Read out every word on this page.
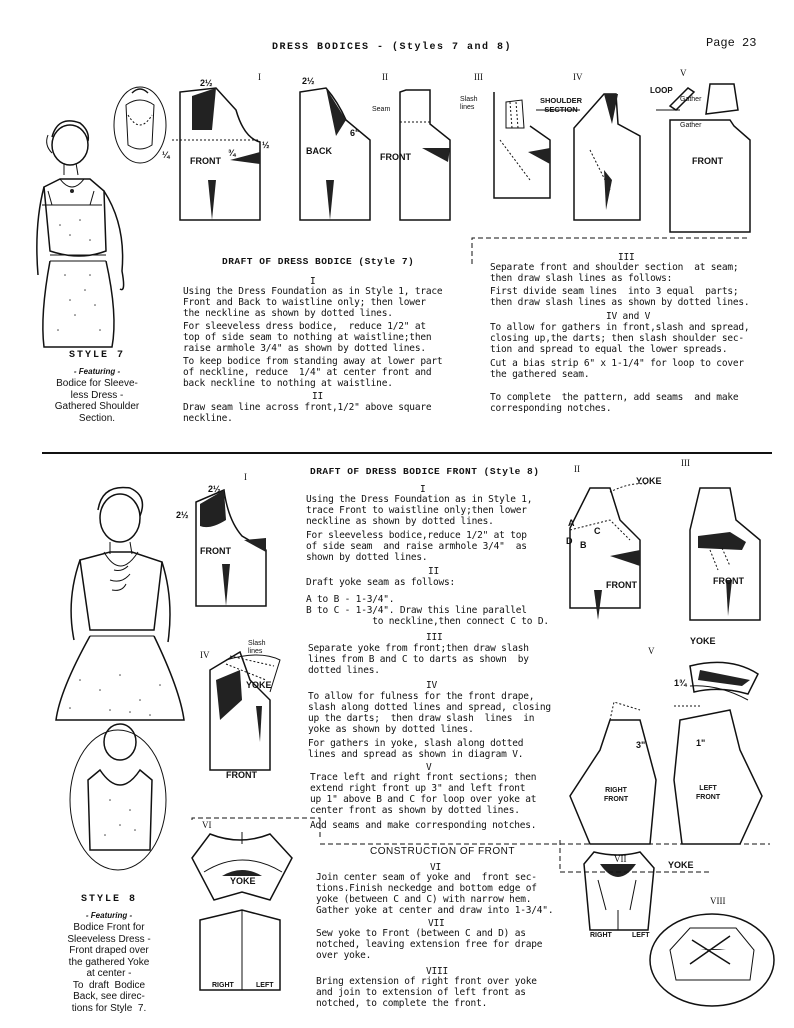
DRESS BODICES - (Styles 7 and 8)	Page 23
I	II	III	IV	V
2½	2½
6"
¼	¾
½
FRONT
BACK
Seam
FRONT
Slash
lines
SHOULDER
SECTION
LOOP
Gather
Gather
FRONT
DRAFT OF DRESS BODICE (Style 7)
I
Using the Dress Foundation as in Style 1, trace
Front and Back to waistline only; then lower
the neckline as shown by dotted lines.
For sleeveless dress bodice,  reduce 1/2" at
top of side seam to nothing at waistline;then
raise armhole 3/4" as shown by dotted lines.
To keep bodice from standing away at lower part
of neckline, reduce  1/4" at center front and
back neckline to nothing at waistline.
II
Draw seam line across front,1/2" above square
neckline.
III
Separate front and shoulder section  at seam;
then draw slash lines as follows:
First divide seam lines  into 3 equal  parts;
then draw slash lines as shown by dotted lines.
IV and V
To allow for gathers in front,slash and spread,
closing up,the darts; then slash shoulder sec-
tion and spread to equal the lower spreads.
Cut a bias strip 6" x 1-1/4" for loop to cover
the gathered seam.
To complete  the pattern, add seams  and make
corresponding notches.
STYLE 7
- Featuring -
Bodice for Sleeve-
less Dress -
Gathered Shoulder
Section.
I
II
III
IV	V
VI
VII
VIII
2½
2½
FRONT
YOKE
FRONT	FRONT
Slash
lines
YOKE
FRONT
YOKE
1¾
3"	1"
RIGHT
FRONT
LEFT
FRONT
YOKE
RIGHT	LEFT
YOKE
RIGHT	LEFT
A
B
C
D
DRAFT OF DRESS BODICE FRONT (Style 8)
I
Using the Dress Foundation as in Style 1,
trace Front to waistline only;then lower
neckline as shown by dotted lines.
For sleeveless bodice,reduce 1/2" at top
of side seam  and raise armhole 3/4"  as
shown by dotted lines.
II
Draft yoke seam as follows:
A to B - 1-3/4".
B to C - 1-3/4". Draw this line parallel
to neckline,then connect C to D.
III
Separate yoke from front;then draw slash
lines from B and C to darts as shown  by
dotted lines.
IV
To allow for fulness for the front drape,
slash along dotted lines and spread, closing
up the darts;  then draw slash  lines  in
yoke as shown by dotted lines.
For gathers in yoke, slash along dotted
lines and spread as shown in diagram V.
V
Trace left and right front sections; then
extend right front up 3" and left front
up 1" above B and C for loop over yoke at
center front as shown by dotted lines.
Add seams and make corresponding notches.
CONSTRUCTION OF FRONT
VI
Join center seam of yoke and  front sec-
tions.Finish neckedge and bottom edge of
yoke (between C and C) with narrow hem.
Gather yoke at center and draw into 1-3/4".
VII
Sew yoke to Front (between C and D) as
notched, leaving extension free for drape
over yoke.
VIII
Bring extension of right front over yoke
and join to extension of left front as
notched, to complete the front.
STYLE 8
- Featuring -
Bodice Front for
Sleeveless Dress -
Front draped over
the gathered Yoke
at center -
To  draft  Bodice
Back, see direc-
tions for Style  7.
